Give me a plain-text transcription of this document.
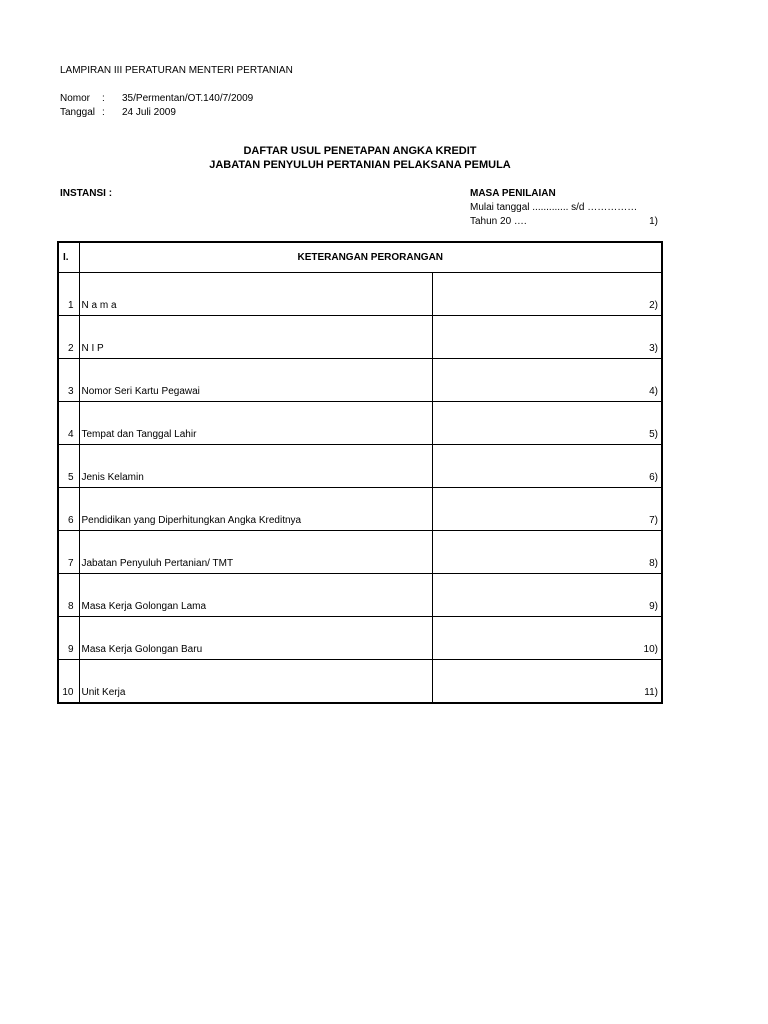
LAMPIRAN III PERATURAN MENTERI PERTANIAN
Nomor : 35/Permentan/OT.140/7/2009
Tanggal : 24 Juli 2009
DAFTAR USUL PENETAPAN ANGKA KREDIT
JABATAN PENYULUH PERTANIAN PELAKSANA PEMULA
INSTANSI :	MASA PENILAIAN
Mulai tanggal ............. s/d ……………
Tahun 20 ….	1)
I.	KETERANGAN PERORANGAN	
1	N a m a	2)
2	N I P	3)
3	Nomor Seri Kartu Pegawai	4)
4	Tempat dan Tanggal Lahir	5)
5	Jenis Kelamin	6)
6	Pendidikan yang Diperhitungkan Angka Kreditnya	7)
7	Jabatan Penyuluh Pertanian/ TMT	8)
8	Masa Kerja Golongan Lama	9)
9	Masa Kerja Golongan Baru	10)
10	Unit Kerja	11)
